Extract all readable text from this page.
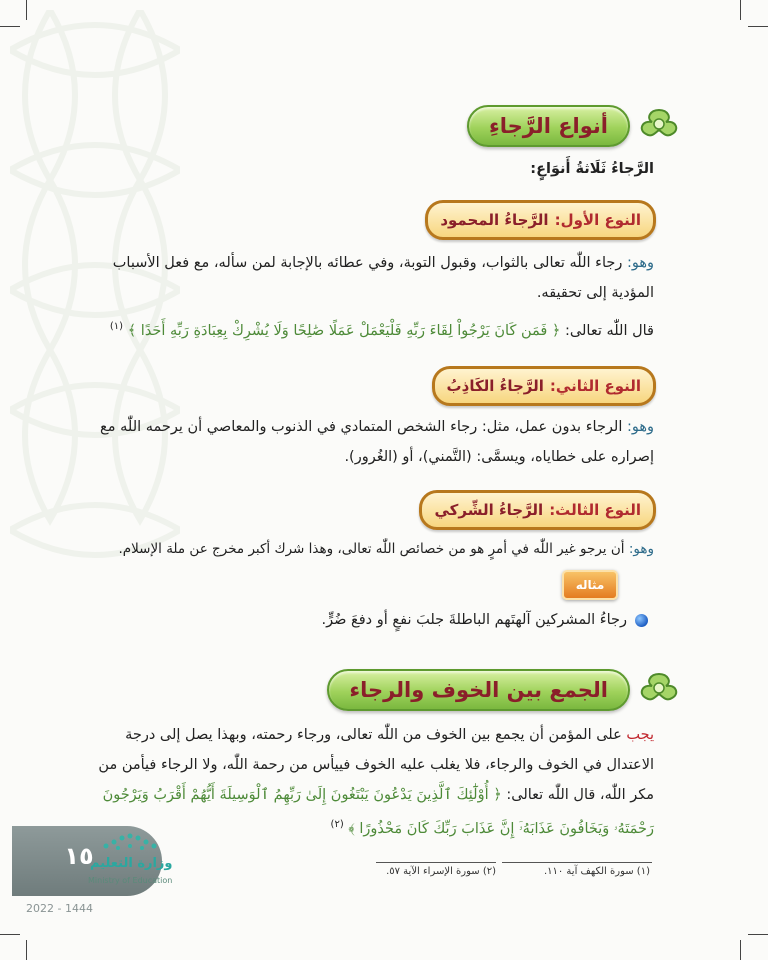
أنواع الرَّجاءِ
الرَّجاءُ ثَلَاثةُ أَنوَاعٍ:
النوع الأول:
الرَّجاءُ المحمود
وهو: رجاء اللّٰه تعالى بالثواب، وقبول التوبة، وفي عطائه بالإجابة لمن سأله، مع فعل الأسباب
المؤدية إلى تحقيقه.
قال اللّٰه تعالى: ﴿ فَمَن كَانَ يَرْجُواْ لِقَاءَ رَبِّهِ فَلْيَعْمَلْ عَمَلًا صَٰلِحًا وَلَا يُشْرِكْ بِعِبَادَةِ رَبِّهِ أَحَدًا ﴾ $^{(١)}$
النوع الثاني:
الرَّجاءُ الكَاذِبُ
وهو: الرجاء بدون عمل، مثل: رجاء الشخص المتمادي في الذنوب والمعاصي أن يرحمه اللّٰه مع
إصراره على خطاياه، ويسمَّى: (التَّمني)، أو (الغُرور).
النوع الثالث:
الرَّجاءُ الشِّركي
وهو: أن يرجو غير اللّٰه في أمرٍ هو من خصائص اللّٰه تعالى، وهذا شرك أكبر مخرج عن ملة الإسلام.
مثاله
رجاءُ المشركين آلهتَهم الباطلةَ جلبَ نفعٍ أو دفعَ ضُرٍّ.
الجمع بين الخوف والرجاء
يجب على المؤمن أن يجمع بين الخوف من اللّٰه تعالى، ورجاء رحمته، وبهذا يصل إلى درجة
الاعتدال في الخوف والرجاء، فلا يغلب عليه الخوف فييأس من رحمة اللّٰه، ولا الرجاء فيأمن من
مكر اللّٰه، قال اللّٰه تعالى: ﴿ أُوْلَٰٓئِكَ ٱلَّذِينَ يَدْعُونَ يَبْتَغُونَ إِلَىٰ رَبِّهِمُ ٱلْوَسِيلَةَ أَيُّهُمْ أَقْرَبُ وَيَرْجُونَ
رَحْمَتَهُۥ وَيَخَافُونَ عَذَابَهُۥٓ إِنَّ عَذَابَ رَبِّكَ كَانَ مَحْذُورًا ﴾ $^{(٢)}$
(١) سورة الكهف آية ١١٠.
(٢) سورة الإسراء الآية ٥٧.
١٥
وزارة التعليم
Ministry of Education
2022 - 1444
